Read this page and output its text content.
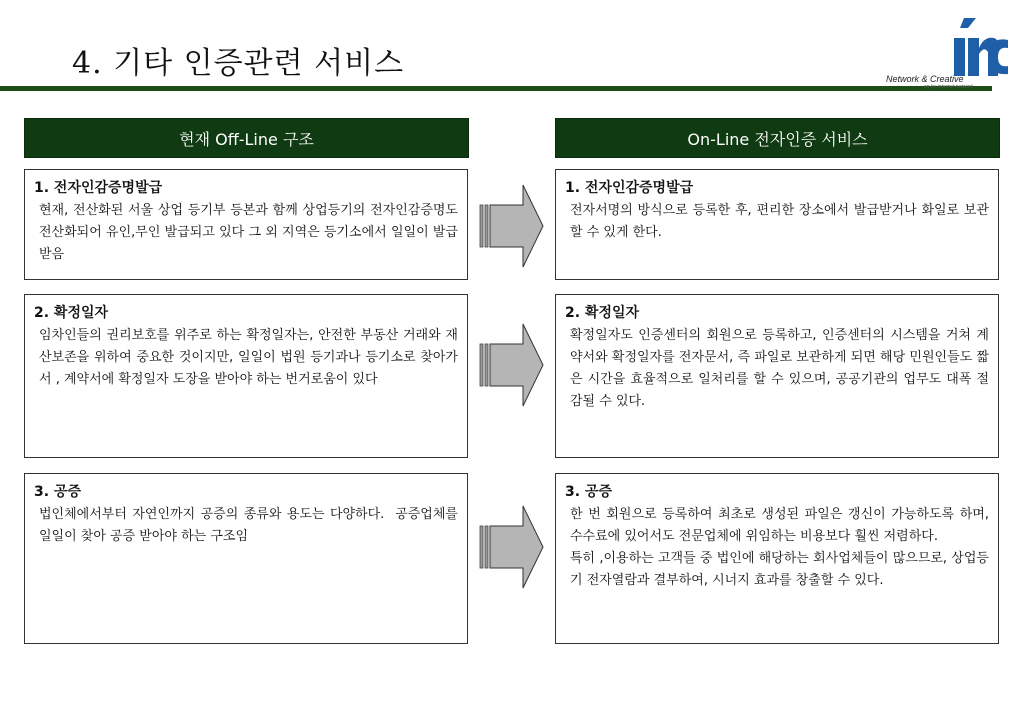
4. 기타 인증관련 서비스	Network & Creative
on by internet network
현재 Off-Line 구조	On-Line 전자인증 서비스
1. 전자인감증명발급
현재, 전산화된 서울 상업 등기부 등본과 함께 상업등기의 전자인감증명도 전산화되어 유인,무인 발급되고 있다 그 외 지역은 등기소에서 일일이 발급 받음
2. 확정일자
임차인들의 권리보호를 위주로 하는 확정일자는, 안전한 부동산 거래와 재산보존을 위하여 중요한 것이지만, 일일이 법원 등기과나 등기소로 찾아가서 , 계약서에 확정일자 도장을 받아야 하는 번거로움이 있다
3. 공증
법인체에서부터 자연인까지 공증의 종류와 용도는 다양하다.  공증업체를 일일이 찾아 공증 받아야 하는 구조임
1. 전자인감증명발급
전자서명의 방식으로 등록한 후, 편리한 장소에서 발급받거나 화일로 보관할 수 있게 한다.
2. 확정일자
확정일자도 인증센터의 회원으로 등록하고, 인증센터의 시스템을 거쳐 계약서와 확정일자를 전자문서, 즉 파일로 보관하게 되면 해당 민원인들도 짧은 시간을 효율적으로 일처리를 할 수 있으며, 공공기관의 업무도 대폭 절감될 수 있다.
3. 공증
한 번 회원으로 등록하여 최초로 생성된 파일은 갱신이 가능하도록 하며, 수수료에 있어서도 전문업체에 위임하는 비용보다 훨씬 저렴하다.
특히 ,이용하는 고객들 중 법인에 해당하는 회사업체들이 많으므로, 상업등기 전자열람과 결부하여, 시너지 효과를 창출할 수 있다.
